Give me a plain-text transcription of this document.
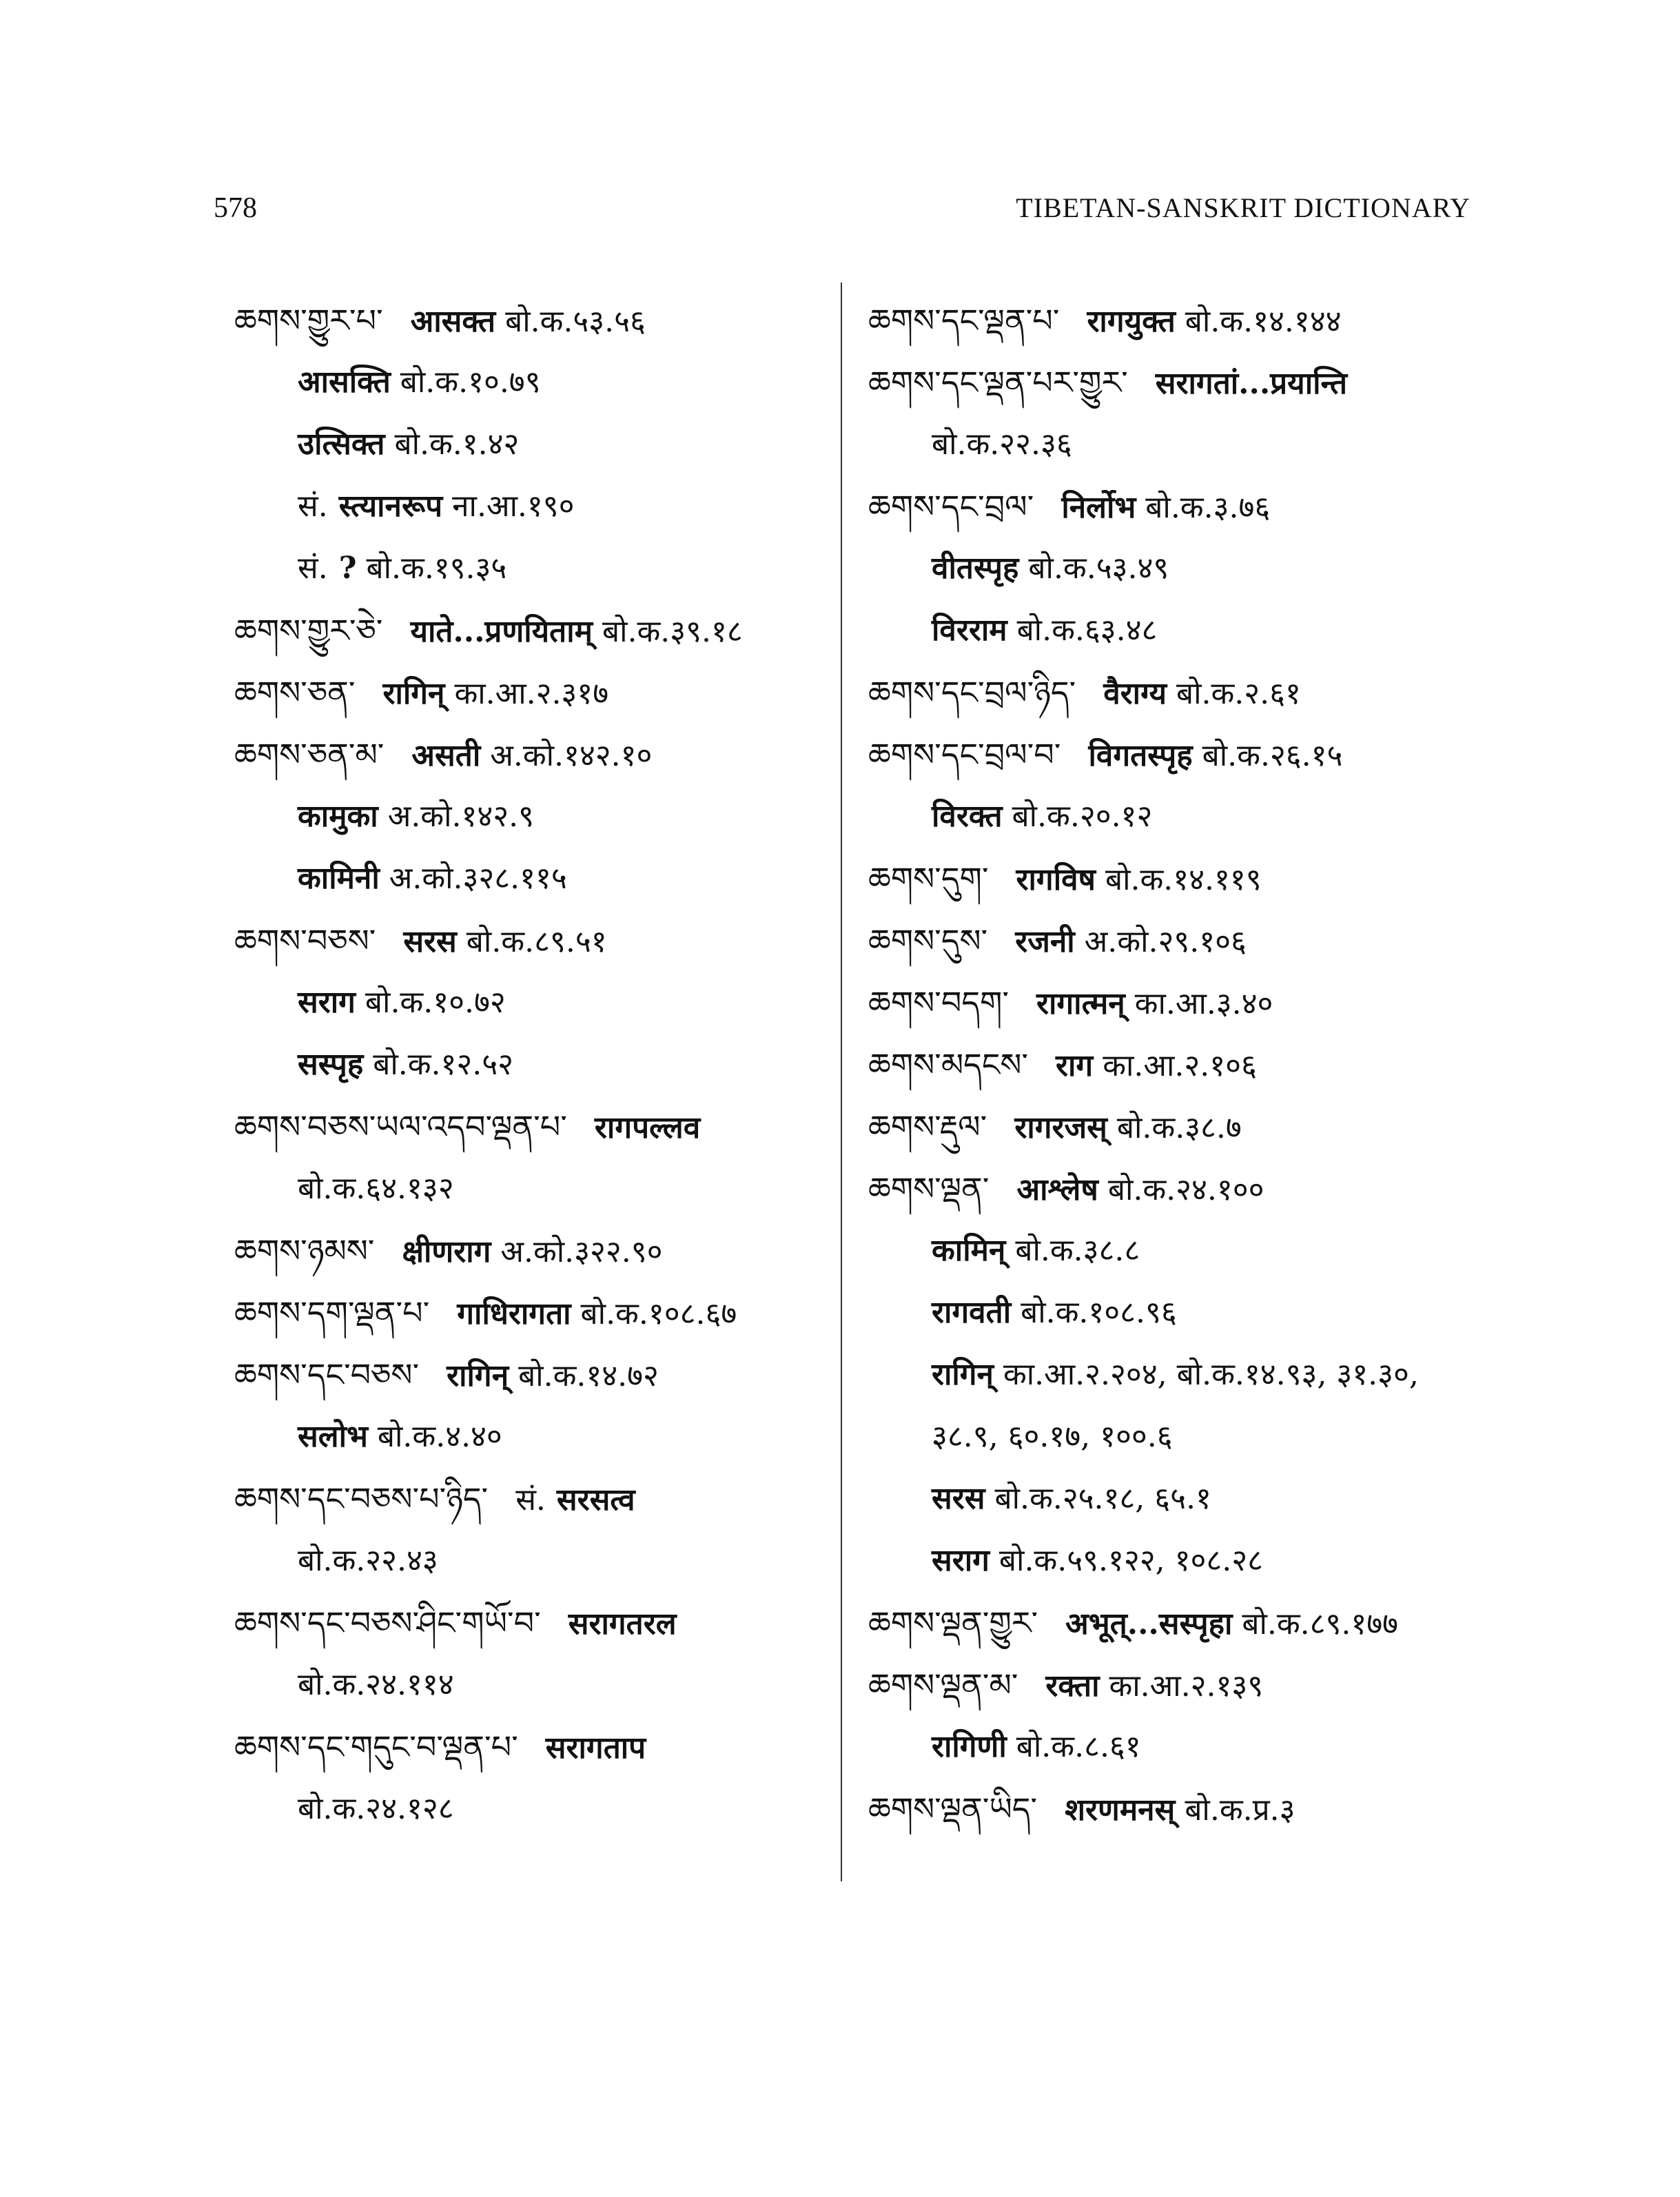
578	TIBETAN-SANSKRIT DICTIONARY
ཆགས་གྱུར་པ་ आसक्त बो.क.५३.५६
आसक्ति बो.क.१०.७९
उत्सिक्त बो.क.१.४२
सं. स्त्यानरूप ना.आ.१९०
सं. ? बो.क.१९.३५
ཆགས་གྱུར་ཅེ་ याते...प्रणयिताम् बो.क.३९.१८
ཆགས་ཅན་ रागिन् का.आ.२.३१७
ཆགས་ཅན་མ་ असती अ.को.१४२.१०
कामुका अ.को.१४२.९
कामिनी अ.को.३२८.११५
ཆགས་བཅས་ सरस बो.क.८९.५१
सराग बो.क.१०.७२
सस्पृह बो.क.१२.५२
ཆགས་བཅས་ཡལ་འདབ་ལྡན་པ་ रागपल्लव
बो.क.६४.१३२
ཆགས་ཉམས་ क्षीणराग अ.को.३२२.९०
ཆགས་དག་ལྡན་པ་ गाधिरागता बो.क.१०८.६७
ཆགས་དང་བཅས་ रागिन् बो.क.१४.७२
सलोभ बो.क.४.४०
ཆགས་དང་བཅས་པ་ཉིད་ सं. सरसत्व
बो.क.२२.४३
ཆགས་དང་བཅས་ཤིང་གཡོ་བ་ सरागतरल
बो.क.२४.११४
ཆགས་དང་གདུང་བ་ལྡན་པ་ सरागताप
बो.क.२४.१२८
ཆགས་དང་ལྡན་པ་ रागयुक्त बो.क.१४.१४४
ཆགས་དང་ལྡན་པར་གྱུར་ सरागतां...प्रयान्ति
बो.क.२२.३६
ཆགས་དང་བྲལ་ निर्लोभ बो.क.३.७६
वीतस्पृह बो.क.५३.४९
विरराम बो.क.६३.४८
ཆགས་དང་བྲལ་ཉིད་ वैराग्य बो.क.२.६१
ཆགས་དང་བྲལ་བ་ विगतस्पृह बो.क.२६.१५
विरक्त बो.क.२०.१२
ཆགས་དུག་ रागविष बो.क.१४.११९
ཆགས་དུས་ रजनी अ.को.२९.१०६
ཆགས་བདག་ रागात्मन् का.आ.३.४०
ཆགས་མདངས་ राग का.आ.२.१०६
ཆགས་རྡུལ་ रागरजस् बो.क.३८.७
ཆགས་ལྡན་ आश्लेष बो.क.२४.१००
कामिन् बो.क.३८.८
रागवती बो.क.१०८.९६
रागिन् का.आ.२.२०४, बो.क.१४.९३, ३१.३०,
३८.९, ६०.१७, १००.६
सरस बो.क.२५.१८, ६५.१
सराग बो.क.५९.१२२, १०८.२८
ཆགས་ལྡན་གྱུར་ अभूत्...सस्पृहा बो.क.८९.१७७
ཆགས་ལྡན་མ་ रक्ता का.आ.२.१३९
रागिणी बो.क.८.६१
ཆགས་ལྡན་ཡིད་ शरणमनस् बो.क.प्र.३
